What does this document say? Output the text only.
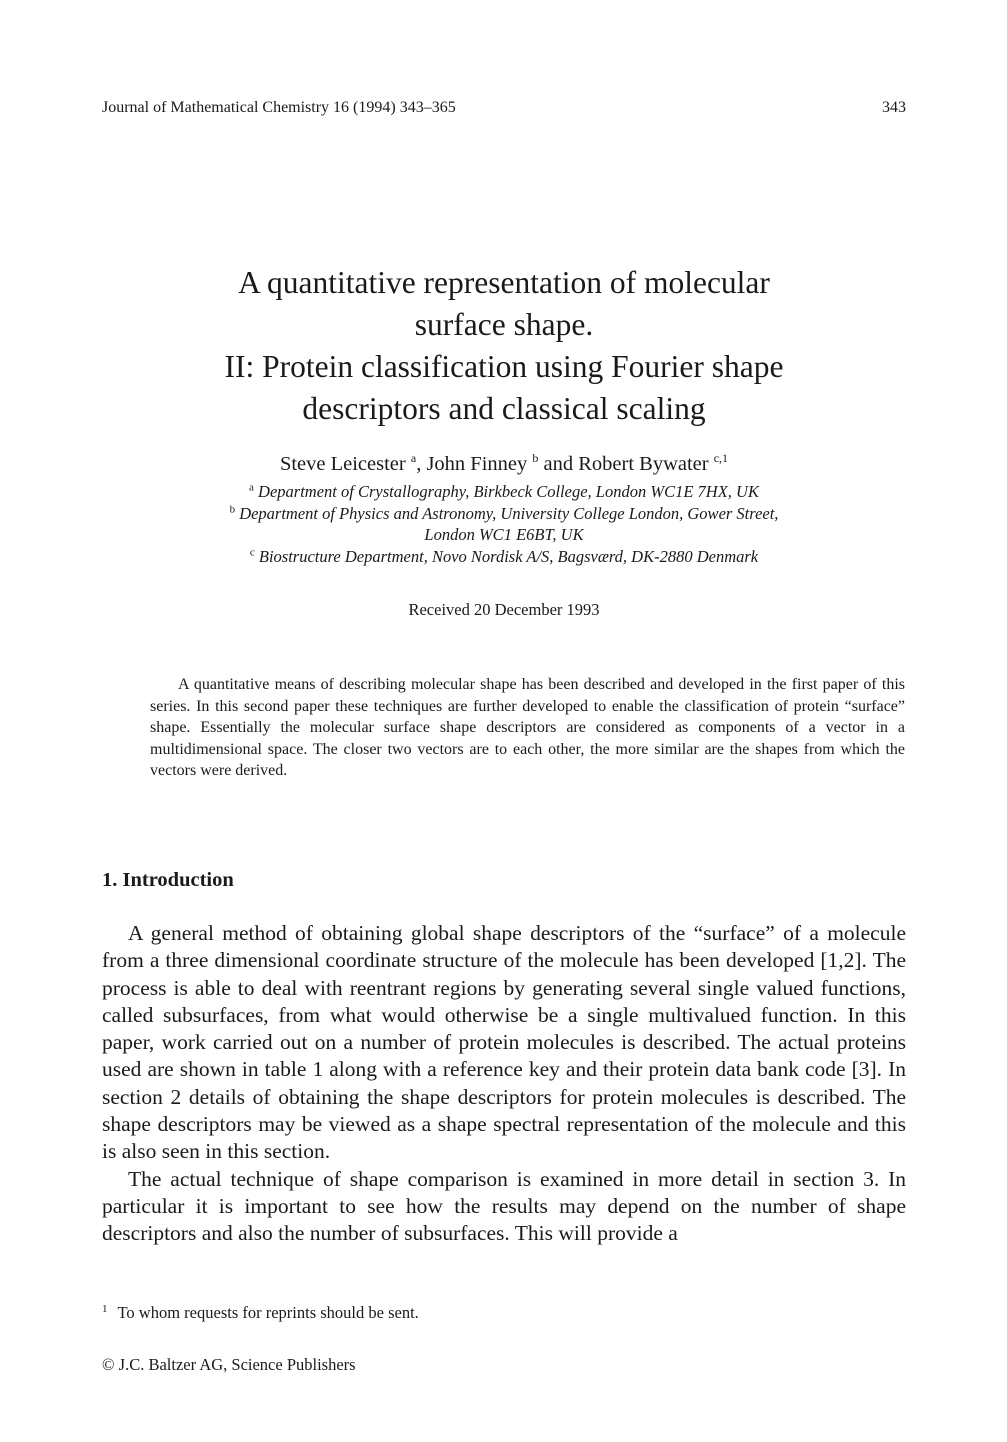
Journal of Mathematical Chemistry 16 (1994) 343–365	343
A quantitative representation of molecular
surface shape.
II: Protein classification using Fourier shape
descriptors and classical scaling
Steve Leicester $^a$, John Finney $^b$ and Robert Bywater $^{c,1}$
$^a$ Department of Crystallography, Birkbeck College, London WC1E 7HX, UK
$^b$ Department of Physics and Astronomy, University College London, Gower Street,
London WC1 E6BT, UK
$^c$ Biostructure Department, Novo Nordisk A/S, Bagsværd, DK-2880 Denmark
Received 20 December 1993

A quantitative means of describing molecular shape has been described and developed in the first paper of this series. In this second paper these techniques are further developed to enable the classification of protein “surface” shape. Essentially the molecular surface shape descriptors are considered as components of a vector in a multidimensional space. The closer two vectors are to each other, the more similar are the shapes from which the vectors were derived.

1. Introduction

A general method of obtaining global shape descriptors of the “surface” of a molecule from a three dimensional coordinate structure of the molecule has been developed [1,2]. The process is able to deal with reentrant regions by generating several single valued functions, called subsurfaces, from what would otherwise be a single multivalued function. In this paper, work carried out on a number of protein molecules is described. The actual proteins used are shown in table 1 along with a reference key and their protein data bank code [3]. In section 2 details of obtaining the shape descriptors for protein molecules is described. The shape descriptors may be viewed as a shape spectral representation of the molecule and this is also seen in this section.

The actual technique of shape comparison is examined in more detail in section 3. In particular it is important to see how the results may depend on the number of shape descriptors and also the number of subsurfaces. This will provide a

$^1$ To whom requests for reprints should be sent.
© J.C. Baltzer AG, Science Publishers
